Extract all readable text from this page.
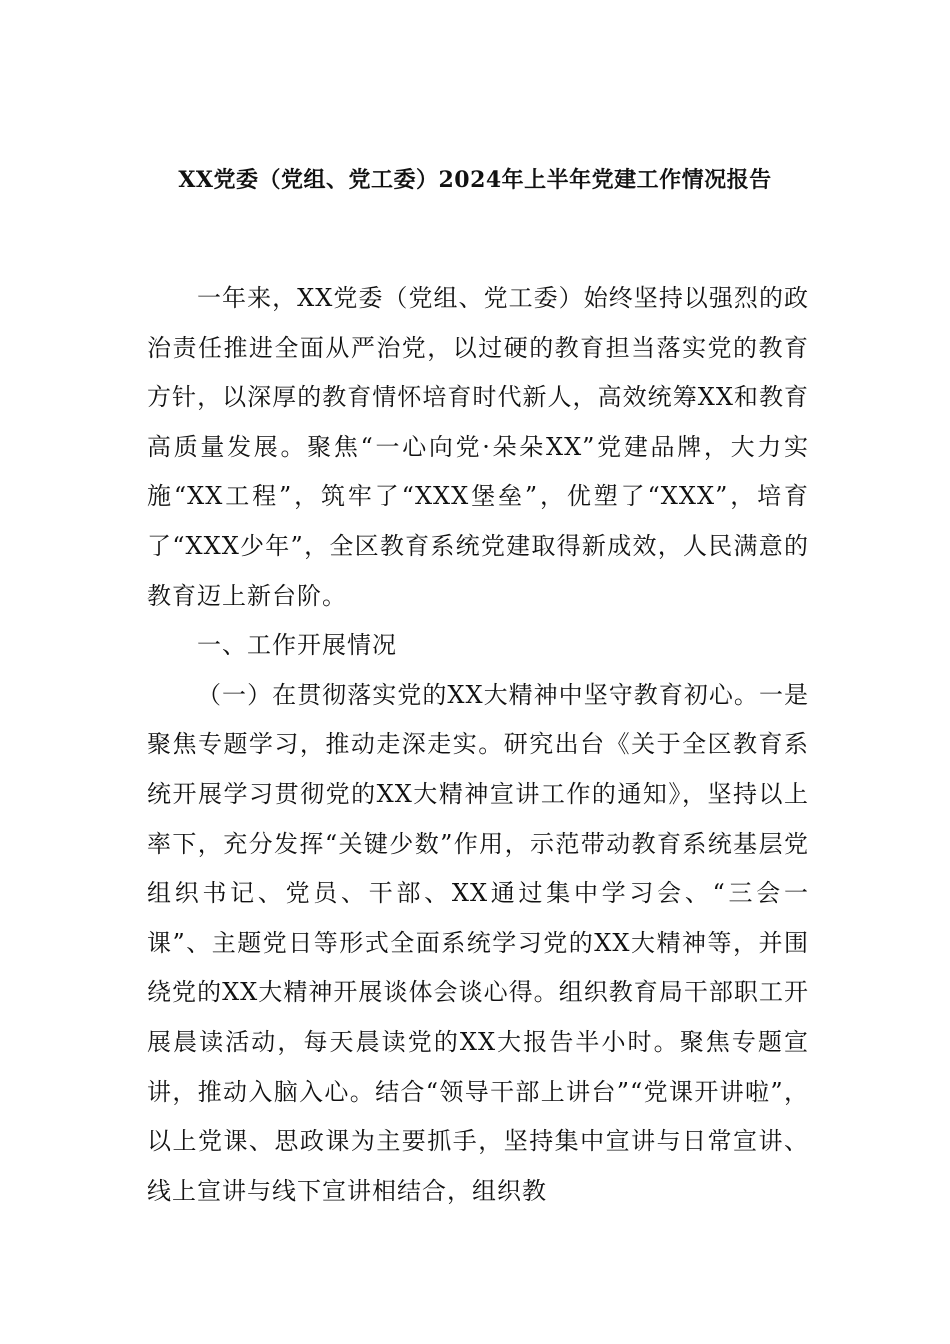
XX党委（党组、党工委）2024年上半年党建工作情况报告

一年来，XX党委（党组、党工委）始终坚持以强烈的政治责任推进全面从严治党，以过硬的教育担当落实党的教育方针，以深厚的教育情怀培育时代新人，高效统筹XX和教育高质量发展。聚焦“一心向党·朵朵XX”党建品牌，大力实施“XX工程”，筑牢了“XXX堡垒”，优塑了“XXX”，培育了“XXX少年”，全区教育系统党建取得新成效，人民满意的教育迈上新台阶。

一、工作开展情况

（一）在贯彻落实党的XX大精神中坚守教育初心。一是聚焦专题学习，推动走深走实。研究出台《关于全区教育系统开展学习贯彻党的XX大精神宣讲工作的通知》，坚持以上率下，充分发挥“关键少数”作用，示范带动教育系统基层党组织书记、党员、干部、XX通过集中学习会、“三会一课”、主题党日等形式全面系统学习党的XX大精神等，并围绕党的XX大精神开展谈体会谈心得。组织教育局干部职工开展晨读活动，每天晨读党的XX大报告半小时。聚焦专题宣讲，推动入脑入心。结合“领导干部上讲台”“党课开讲啦”，以上党课、思政课为主要抓手，坚持集中宣讲与日常宣讲、线上宣讲与线下宣讲相结合，组织教
